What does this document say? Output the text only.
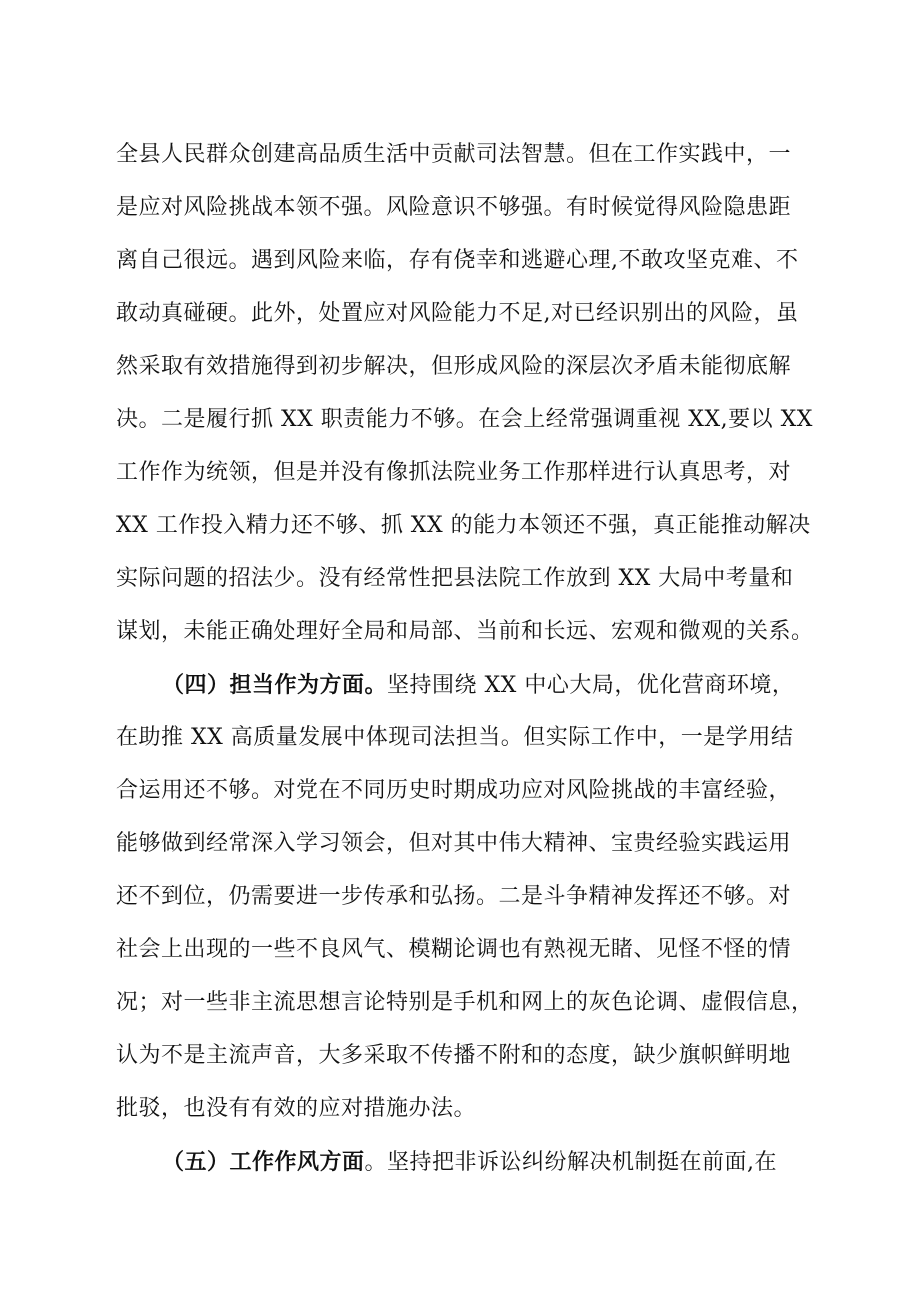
全县人民群众创建高品质生活中贡献司法智慧。但在工作实践中，一
是应对风险挑战本领不强。风险意识不够强。有时候觉得风险隐患距
离自己很远。遇到风险来临，存有侥幸和逃避心理,不敢攻坚克难、不
敢动真碰硬。此外，处置应对风险能力不足,对已经识别出的风险，虽
然采取有效措施得到初步解决，但形成风险的深层次矛盾未能彻底解
决。二是履行抓 XX 职责能力不够。在会上经常强调重视 XX,要以 XX
工作作为统领，但是并没有像抓法院业务工作那样进行认真思考，对
XX 工作投入精力还不够、抓 XX 的能力本领还不强，真正能推动解决
实际问题的招法少。没有经常性把县法院工作放到 XX 大局中考量和
谋划，未能正确处理好全局和局部、当前和长远、宏观和微观的关系。
（四）担当作为方面。坚持围绕 XX 中心大局，优化营商环境，
在助推 XX 高质量发展中体现司法担当。但实际工作中，一是学用结
合运用还不够。对党在不同历史时期成功应对风险挑战的丰富经验，
能够做到经常深入学习领会，但对其中伟大精神、宝贵经验实践运用
还不到位，仍需要进一步传承和弘扬。二是斗争精神发挥还不够。对
社会上出现的一些不良风气、模糊论调也有熟视无睹、见怪不怪的情
况；对一些非主流思想言论特别是手机和网上的灰色论调、虚假信息，
认为不是主流声音，大多采取不传播不附和的态度，缺少旗帜鲜明地
批驳，也没有有效的应对措施办法。
（五）工作作风方面。坚持把非诉讼纠纷解决机制挺在前面,在
